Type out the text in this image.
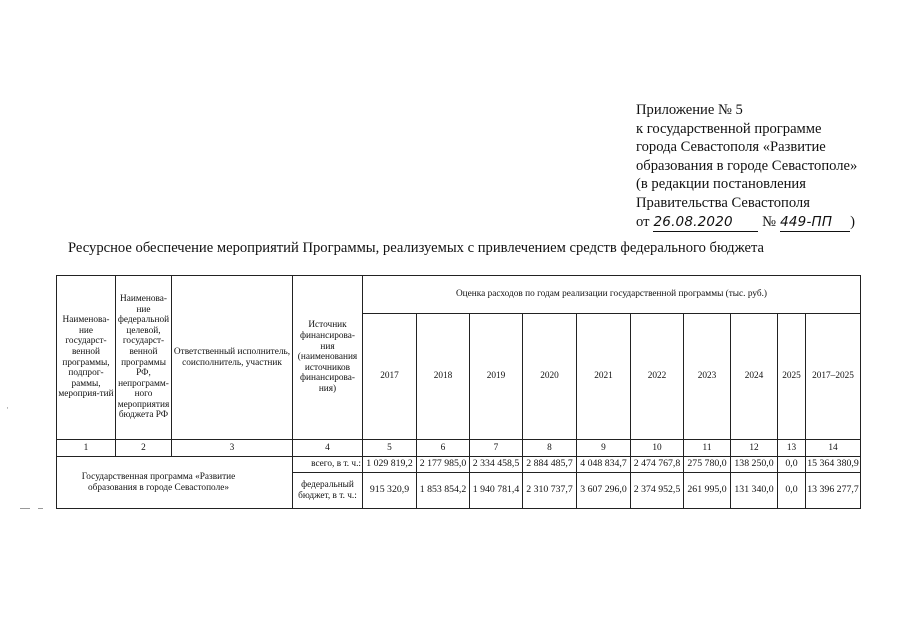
Приложение № 5
к государственной программе
города Севастополя «Развитие
образования в городе Севастополе»
(в редакции постановления
Правительства Севастополя
от 26.08.2020 № 449-ПП )
Ресурсное обеспечение мероприятий Программы, реализуемых с привлечением средств федерального бюджета
Наименова-ние государст-венной программы, подпрог-раммы, мероприя-тий	Наименова-ние федеральной целевой, государст-венной программы РФ, непрограмм-ного мероприятия бюджета РФ	Ответственный исполнитель, соисполнитель, участник	Источник финансирова-ния (наименования источников финансирова-ния)	Оценка расходов по годам реализации государственной программы (тыс. руб.)									
				2017	2018	2019	2020	2021	2022	2023	2024	2025	2017–2025
1	2	3	4	5	6	7	8	9	10	11	12	13	14
Государственная программа «Развитие образования в городе Севастополе»			всего, в т. ч.:	1 029 819,2	2 177 985,0	2 334 458,5	2 884 485,7	4 048 834,7	2 474 767,8	275 780,0	138 250,0	0,0	15 364 380,9
			федеральный бюджет, в т. ч.:	915 320,9	1 853 854,2	1 940 781,4	2 310 737,7	3 607 296,0	2 374 952,5	261 995,0	131 340,0	0,0	13 396 277,7
·
